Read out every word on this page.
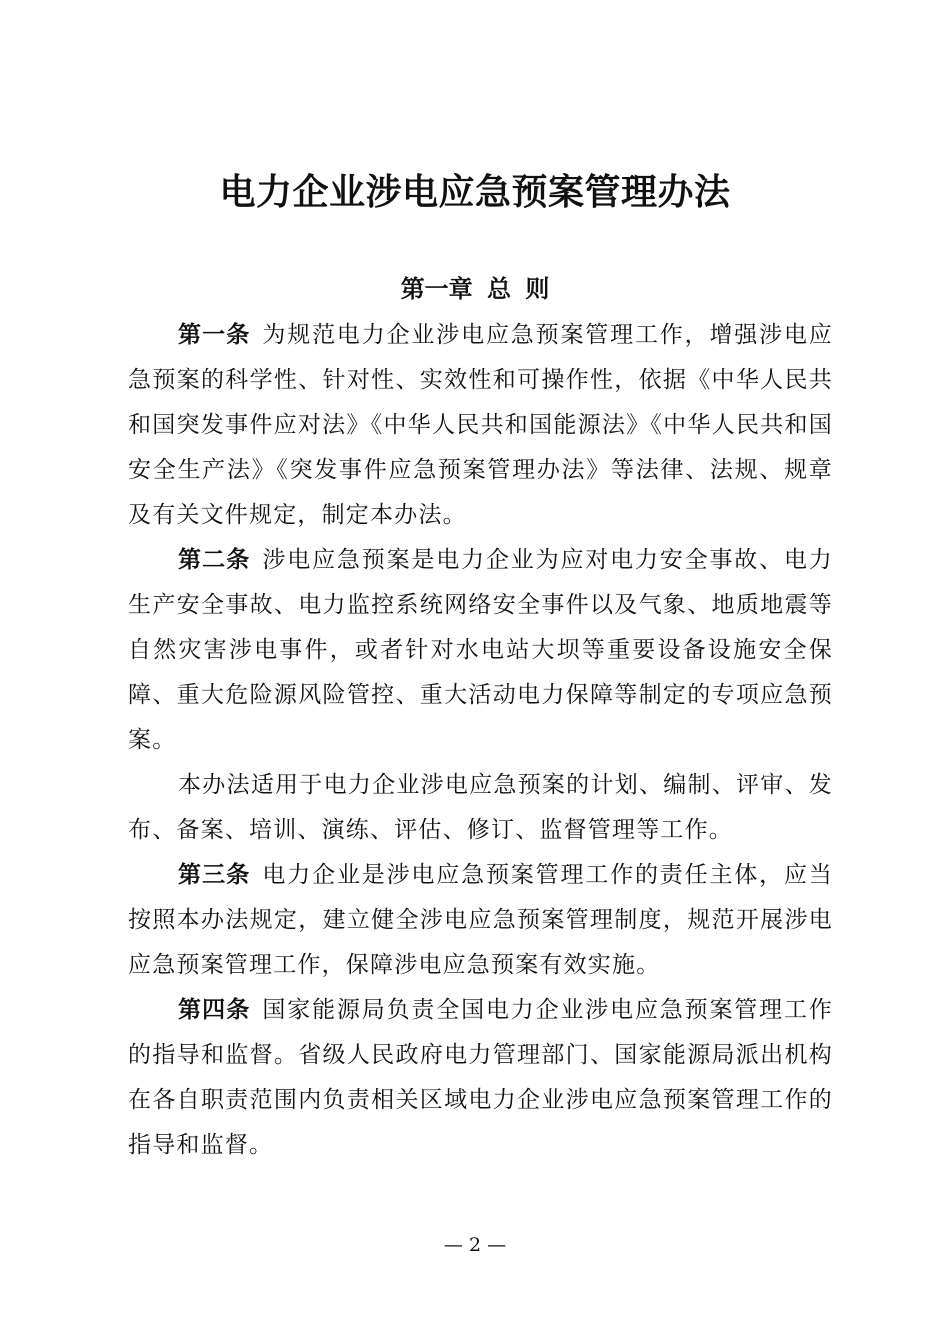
电力企业涉电应急预案管理办法
第一章 总 则

第一条 为规范电力企业涉电应急预案管理工作，增强涉电应急预案的科学性、针对性、实效性和可操作性，依据《中华人民共和国突发事件应对法》《中华人民共和国能源法》《中华人民共和国安全生产法》《突发事件应急预案管理办法》等法律、法规、规章及有关文件规定，制定本办法。

第二条 涉电应急预案是电力企业为应对电力安全事故、电力生产安全事故、电力监控系统网络安全事件以及气象、地质地震等自然灾害涉电事件，或者针对水电站大坝等重要设备设施安全保障、重大危险源风险管控、重大活动电力保障等制定的专项应急预案。

本办法适用于电力企业涉电应急预案的计划、编制、评审、发布、备案、培训、演练、评估、修订、监督管理等工作。

第三条 电力企业是涉电应急预案管理工作的责任主体，应当按照本办法规定，建立健全涉电应急预案管理制度，规范开展涉电应急预案管理工作，保障涉电应急预案有效实施。

第四条 国家能源局负责全国电力企业涉电应急预案管理工作的指导和监督。省级人民政府电力管理部门、国家能源局派出机构在各自职责范围内负责相关区域电力企业涉电应急预案管理工作的指导和监督。

— 2 —
